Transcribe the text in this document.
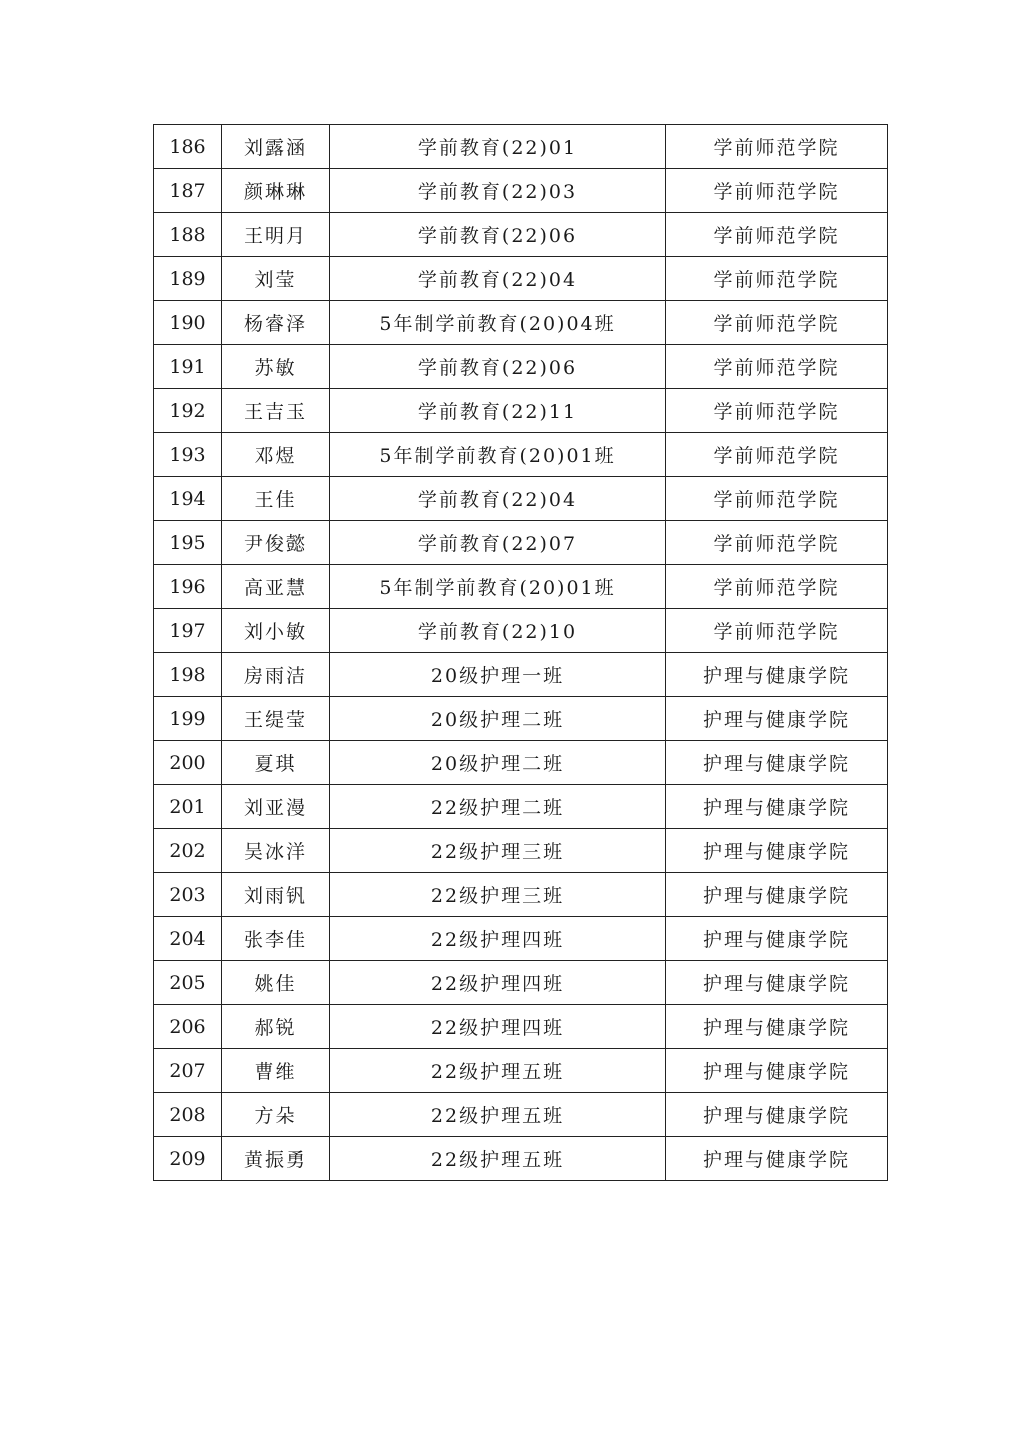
186	刘露涵	学前教育(22)01	学前师范学院
187	颜琳琳	学前教育(22)03	学前师范学院
188	王明月	学前教育(22)06	学前师范学院
189	刘莹	学前教育(22)04	学前师范学院
190	杨睿泽	5年制学前教育(20)04班	学前师范学院
191	苏敏	学前教育(22)06	学前师范学院
192	王吉玉	学前教育(22)11	学前师范学院
193	邓煜	5年制学前教育(20)01班	学前师范学院
194	王佳	学前教育(22)04	学前师范学院
195	尹俊懿	学前教育(22)07	学前师范学院
196	高亚慧	5年制学前教育(20)01班	学前师范学院
197	刘小敏	学前教育(22)10	学前师范学院
198	房雨洁	20级护理一班	护理与健康学院
199	王缇莹	20级护理二班	护理与健康学院
200	夏琪	20级护理二班	护理与健康学院
201	刘亚漫	22级护理二班	护理与健康学院
202	吴冰洋	22级护理三班	护理与健康学院
203	刘雨钒	22级护理三班	护理与健康学院
204	张李佳	22级护理四班	护理与健康学院
205	姚佳	22级护理四班	护理与健康学院
206	郝锐	22级护理四班	护理与健康学院
207	曹维	22级护理五班	护理与健康学院
208	方朵	22级护理五班	护理与健康学院
209	黄振勇	22级护理五班	护理与健康学院
